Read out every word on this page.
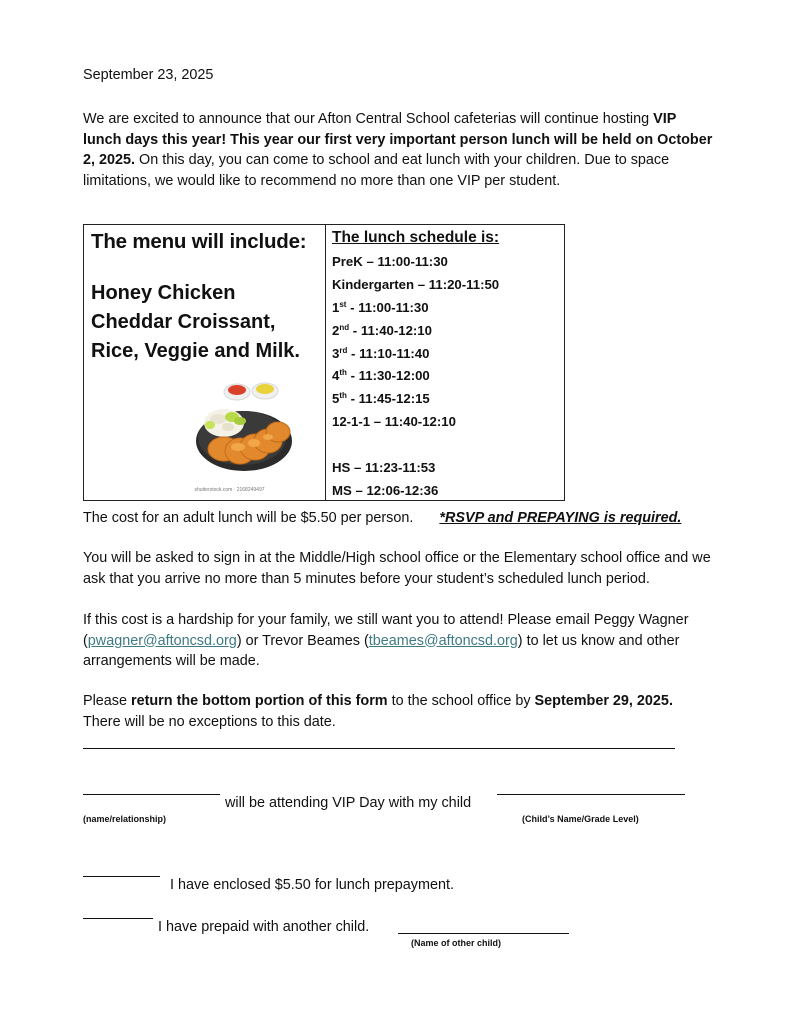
September 23, 2025
We are excited to announce that our Afton Central School cafeterias will continue hosting VIP lunch days this year! This year our first very important person lunch will be held on October 2, 2025. On this day, you can come to school and eat lunch with your children. Due to space limitations, we would like to recommend no more than one VIP per student.
The menu will include:
Honey Chicken
Cheddar Croissant,
Rice, Veggie and Milk.
shutterstock.com · 2168249497
The lunch schedule is:
PreK – 11:00-11:30
Kindergarten – 11:20-11:50
1st - 11:00-11:30
2nd - 11:40-12:10
3rd - 11:10-11:40
4th - 11:30-12:00
5th - 11:45-12:15
12-1-1 – 11:40-12:10
HS – 11:23-11:53
MS – 12:06-12:36
The cost for an adult lunch will be $5.50 per person. *RSVP and PREPAYING is required.
You will be asked to sign in at the Middle/High school office or the Elementary school office and we ask that you arrive no more than 5 minutes before your student’s scheduled lunch period.
If this cost is a hardship for your family, we still want you to attend! Please email Peggy Wagner (pwagner@aftoncsd.org) or Trevor Beames (tbeames@aftoncsd.org) to let us know and other arrangements will be made.
Please return the bottom portion of this form to the school office by September 29, 2025.
There will be no exceptions to this date.
will be attending VIP Day with my child
(name/relationship)	(Child’s Name/Grade Level)
I have enclosed $5.50 for lunch prepayment.
I have prepaid with another child.
(Name of other child)
